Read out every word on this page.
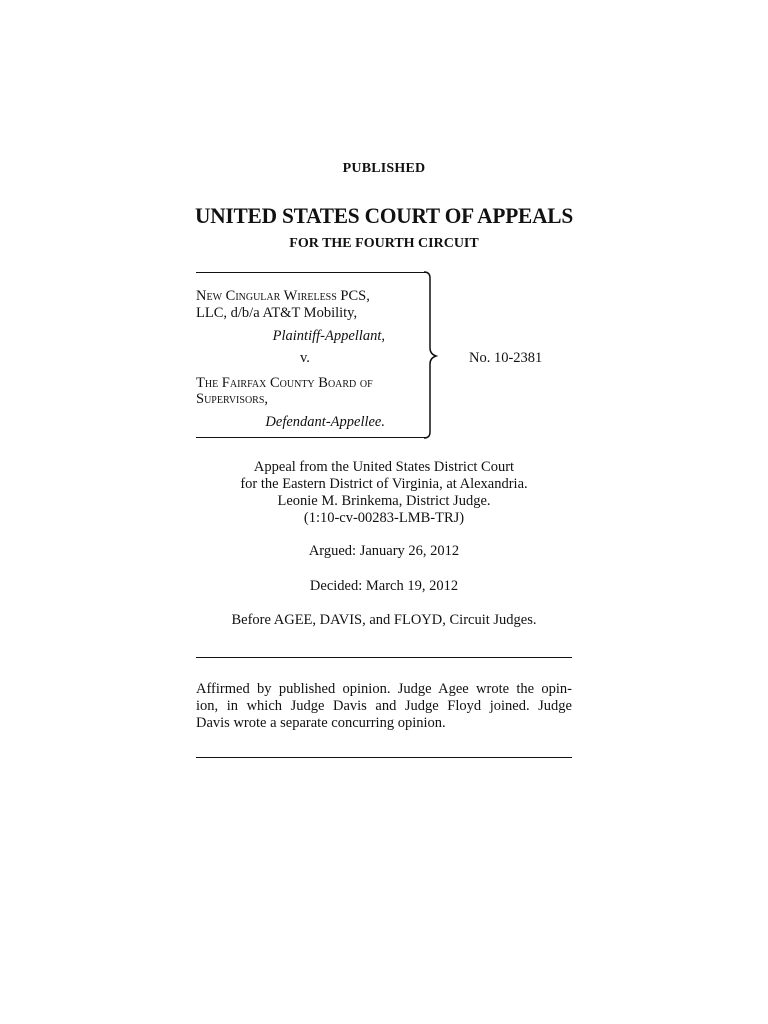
PUBLISHED
UNITED STATES COURT OF APPEALS
FOR THE FOURTH CIRCUIT
New Cingular Wireless PCS,
LLC, d/b/a AT&T Mobility,
Plaintiff-Appellant,
v.
The Fairfax County Board of
Supervisors,
Defendant-Appellee.
No. 10-2381
Appeal from the United States District Court
for the Eastern District of Virginia, at Alexandria.
Leonie M. Brinkema, District Judge.
(1:10-cv-00283-LMB-TRJ)
Argued: January 26, 2012
Decided: March 19, 2012
Before AGEE, DAVIS, and FLOYD, Circuit Judges.
Affirmed by published opinion. Judge Agee wrote the opin-
ion, in which Judge Davis and Judge Floyd joined. Judge
Davis wrote a separate concurring opinion.
